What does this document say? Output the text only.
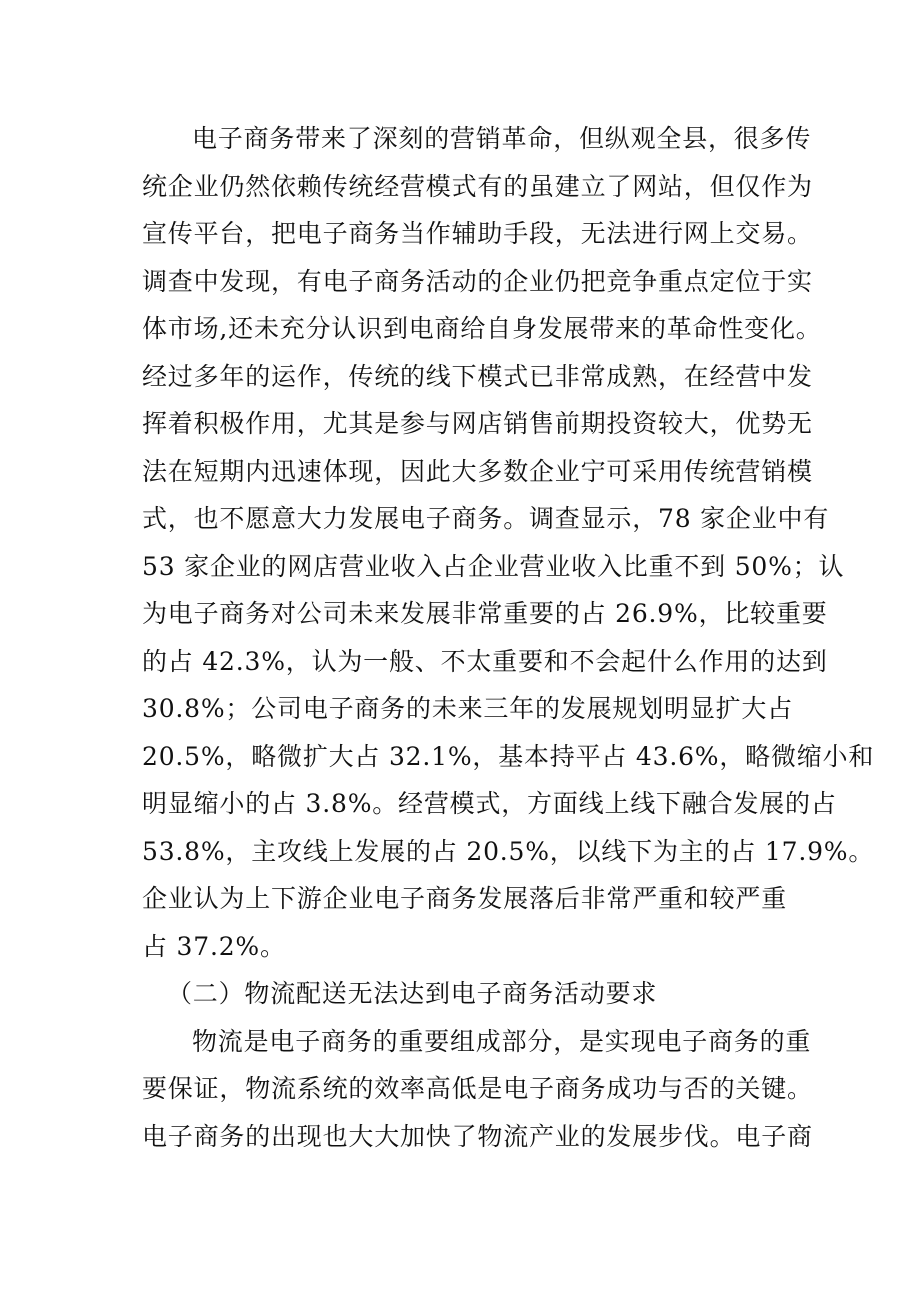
电子商务带来了深刻的营销革命，但纵观全县，很多传
统企业仍然依赖传统经营模式有的虽建立了网站，但仅作为
宣传平台，把电子商务当作辅助手段，无法进行网上交易。
调查中发现，有电子商务活动的企业仍把竞争重点定位于实
体市场,还未充分认识到电商给自身发展带来的革命性变化。
经过多年的运作，传统的线下模式已非常成熟，在经营中发
挥着积极作用，尤其是参与网店销售前期投资较大，优势无
法在短期内迅速体现，因此大多数企业宁可采用传统营销模
式，也不愿意大力发展电子商务。调查显示，78 家企业中有
53 家企业的网店营业收入占企业营业收入比重不到 50%；认
为电子商务对公司未来发展非常重要的占 26.9%，比较重要
的占 42.3%，认为一般、不太重要和不会起什么作用的达到
30.8%；公司电子商务的未来三年的发展规划明显扩大占
20.5%，略微扩大占 32.1%，基本持平占 43.6%，略微缩小和
明显缩小的占 3.8%。经营模式，方面线上线下融合发展的占
53.8%，主攻线上发展的占 20.5%，以线下为主的占 17.9%。
企业认为上下游企业电子商务发展落后非常严重和较严重
占 37.2%。
（二）物流配送无法达到电子商务活动要求
物流是电子商务的重要组成部分，是实现电子商务的重
要保证，物流系统的效率高低是电子商务成功与否的关键。
电子商务的出现也大大加快了物流产业的发展步伐。电子商
